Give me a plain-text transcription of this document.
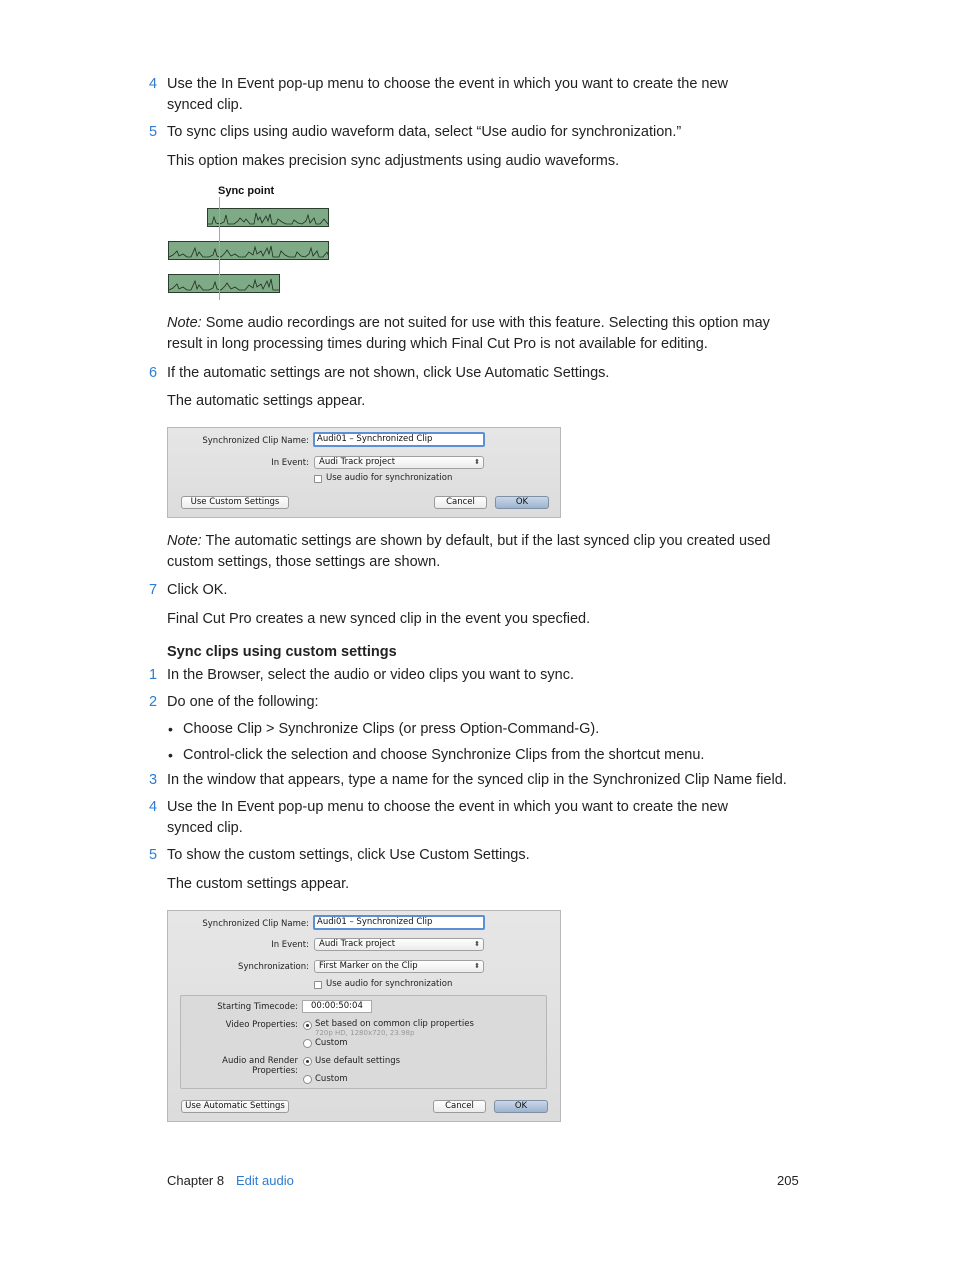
4 Use the In Event pop-up menu to choose the event in which you want to create the new synced clip.
5 To sync clips using audio waveform data, select “Use audio for synchronization.”
This option makes precision sync adjustments using audio waveforms.
Sync point
Note: Some audio recordings are not suited for use with this feature. Selecting this option may result in long processing times during which Final Cut Pro is not available for editing.
6 If the automatic settings are not shown, click Use Automatic Settings.
The automatic settings appear.
Synchronized Clip Name: Audi01 – Synchronized Clip
In Event:	Audi Track project	⬍
Use audio for synchronization
Use Custom Settings	Cancel	OK
Note: The automatic settings are shown by default, but if the last synced clip you created used custom settings, those settings are shown.
7 Click OK.
Final Cut Pro creates a new synced clip in the event you specfied.
Sync clips using custom settings
1 In the Browser, select the audio or video clips you want to sync.
2 Do one of the following:
• Choose Clip > Synchronize Clips (or press Option-Command-G).
• Control-click the selection and choose Synchronize Clips from the shortcut menu.
3 In the window that appears, type a name for the synced clip in the Synchronized Clip Name field.
4 Use the In Event pop-up menu to choose the event in which you want to create the new synced clip.
5 To show the custom settings, click Use Custom Settings.
The custom settings appear.
Synchronized Clip Name: Audi01 – Synchronized Clip
In Event:	Audi Track project	⬍
Synchronization:	First Marker on the Clip	⬍
Use audio for synchronization
Starting Timecode:	00:00:50:04
Video Properties: Set based on common clip properties
720p HD, 1280x720, 23.98p
Custom
Audio and Render Properties:
Use default settings
Custom
Use Automatic Settings	Cancel	OK
Chapter 8 Edit audio	205
